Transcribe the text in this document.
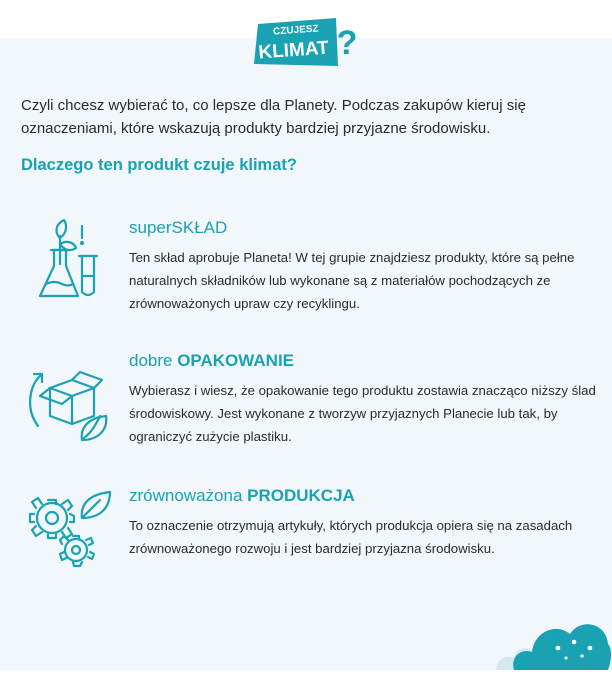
CZUJESZ
KLIMAT ?
Czyli chcesz wybierać to, co lepsze dla Planety. Podczas zakupów kieruj się oznaczeniami, które wskazują produkty bardziej przyjazne środowisku.
Dlaczego ten produkt czuje klimat?
superSKŁAD
Ten skład aprobuje Planeta! W tej grupie znajdziesz produkty, które są pełne naturalnych składników lub wykonane są z materiałów pochodzących ze zrównoważonych upraw czy recyklingu.
dobre OPAKOWANIE
Wybierasz i wiesz, że opakowanie tego produktu zostawia znacząco niższy ślad środowiskowy. Jest wykonane z tworzyw przyjaznych Planecie lub tak, by ograniczyć zużycie plastiku.
zrównoważona PRODUKCJA
To oznaczenie otrzymują artykuły, których produkcja opiera się na zasadach zrównoważonego rozwoju i jest bardziej przyjazna środowisku.
